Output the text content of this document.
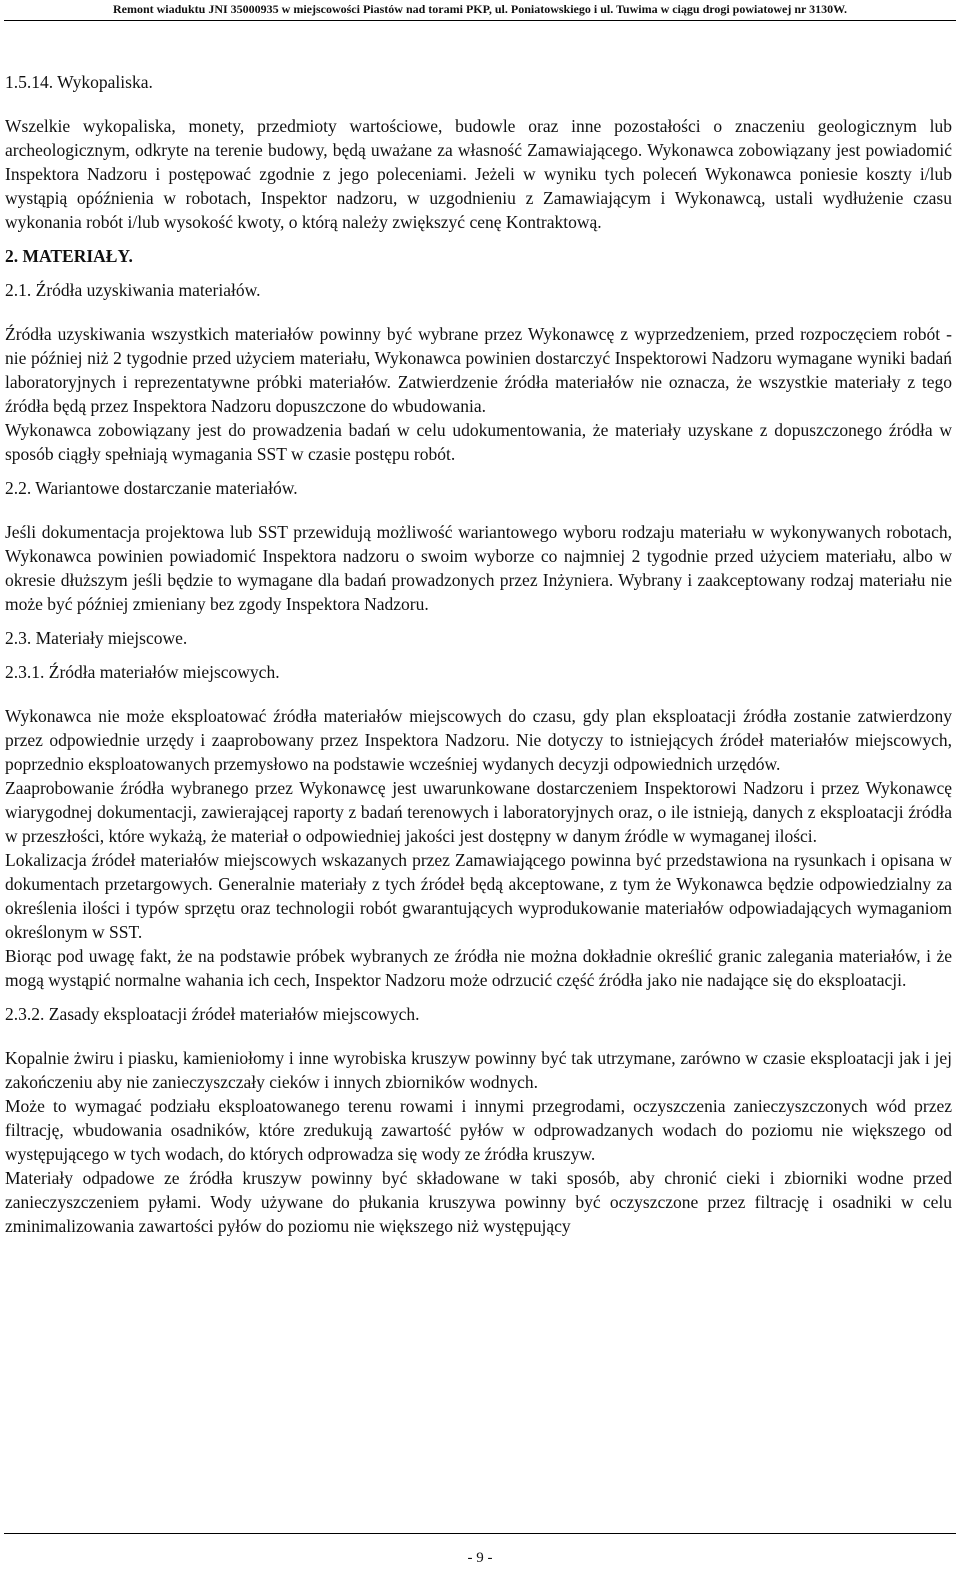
Remont wiaduktu JNI 35000935 w miejscowości Piastów nad torami PKP, ul. Poniatowskiego i ul. Tuwima w ciągu drogi powiatowej nr 3130W.

1.5.14. Wykopaliska.

Wszelkie wykopaliska, monety, przedmioty wartościowe, budowle oraz inne pozostałości o znaczeniu geologicznym lub archeologicznym, odkryte na terenie budowy, będą uważane za własność Zamawiającego. Wykonawca zobowiązany jest powiadomić Inspektora Nadzoru i postępować zgodnie z jego poleceniami. Jeżeli w wyniku tych poleceń Wykonawca poniesie koszty i/lub wystąpią opóźnienia w robotach, Inspektor nadzoru, w uzgodnieniu z Zamawiającym i Wykonawcą, ustali wydłużenie czasu wykonania robót i/lub wysokość kwoty, o którą należy zwiększyć cenę Kontraktową.

2. MATERIAŁY.

2.1. Źródła uzyskiwania materiałów.

Źródła uzyskiwania wszystkich materiałów powinny być wybrane przez Wykonawcę z wyprzedzeniem, przed rozpoczęciem robót - nie później niż 2 tygodnie przed użyciem materiału, Wykonawca powinien dostarczyć Inspektorowi Nadzoru wymagane wyniki badań laboratoryjnych i reprezentatywne próbki materiałów. Zatwierdzenie źródła materiałów nie oznacza, że wszystkie materiały z tego źródła będą przez Inspektora Nadzoru dopuszczone do wbudowania.

Wykonawca zobowiązany jest do prowadzenia badań w celu udokumentowania, że materiały uzyskane z dopuszczonego źródła w sposób ciągły spełniają wymagania SST w czasie postępu robót.

2.2. Wariantowe dostarczanie materiałów.

Jeśli dokumentacja projektowa lub SST przewidują możliwość wariantowego wyboru rodzaju materiału w wykonywanych robotach, Wykonawca powinien powiadomić Inspektora nadzoru o swoim wyborze co najmniej 2 tygodnie przed użyciem materiału, albo w okresie dłuższym jeśli będzie to wymagane dla badań prowadzonych przez Inżyniera. Wybrany i zaakceptowany rodzaj materiału nie może być później zmieniany bez zgody Inspektora Nadzoru.

2.3. Materiały miejscowe.

2.3.1. Źródła materiałów miejscowych.

Wykonawca nie może eksploatować źródła materiałów miejscowych do czasu, gdy plan eksploatacji źródła zostanie zatwierdzony przez odpowiednie urzędy i zaaprobowany przez Inspektora Nadzoru. Nie dotyczy to istniejących źródeł materiałów miejscowych, poprzednio eksploatowanych przemysłowo na podstawie wcześniej wydanych decyzji odpowiednich urzędów.

Zaaprobowanie źródła wybranego przez Wykonawcę jest uwarunkowane dostarczeniem Inspektorowi Nadzoru i przez Wykonawcę wiarygodnej dokumentacji, zawierającej raporty z badań terenowych i laboratoryjnych oraz, o ile istnieją, danych z eksploatacji źródła w przeszłości, które wykażą, że materiał o odpowiedniej jakości jest dostępny w danym źródle w wymaganej ilości.

Lokalizacja źródeł materiałów miejscowych wskazanych przez Zamawiającego powinna być przedstawiona na rysunkach i opisana w dokumentach przetargowych. Generalnie materiały z tych źródeł będą akceptowane, z tym że Wykonawca będzie odpowiedzialny za określenia ilości i typów sprzętu oraz technologii robót gwarantujących wyprodukowanie materiałów odpowiadających wymaganiom określonym w SST.

Biorąc pod uwagę fakt, że na podstawie próbek wybranych ze źródła nie można dokładnie określić granic zalegania materiałów, i że mogą wystąpić normalne wahania ich cech, Inspektor Nadzoru może odrzucić część źródła jako nie nadające się do eksploatacji.

2.3.2. Zasady eksploatacji źródeł materiałów miejscowych.

Kopalnie żwiru i piasku, kamieniołomy i inne wyrobiska kruszyw powinny być tak utrzymane, zarówno w czasie eksploatacji jak i jej zakończeniu aby nie zanieczyszczały cieków i innych zbiorników wodnych.

Może to wymagać podziału eksploatowanego terenu rowami i innymi przegrodami, oczyszczenia zanieczyszczonych wód przez filtrację, wbudowania osadników, które zredukują zawartość pyłów w odprowadzanych wodach do poziomu nie większego od występującego w tych wodach, do których odprowadza się wody ze źródła kruszyw.

Materiały odpadowe ze źródła kruszyw powinny być składowane w taki sposób, aby chronić cieki i zbiorniki wodne przed zanieczyszczeniem pyłami. Wody używane do płukania kruszywa powinny być oczyszczone przez filtrację i osadniki w celu zminimalizowania zawartości pyłów do poziomu nie większego niż występujący

- 9 -
